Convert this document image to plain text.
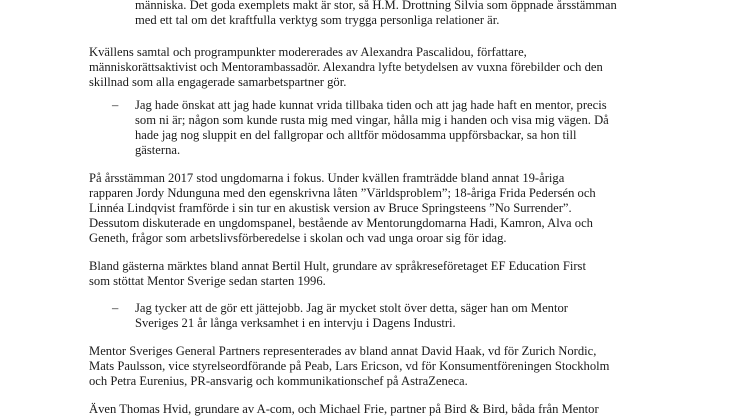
människa. Det goda exemplets makt är stor, så H.M. Drottning Silvia som öppnade årsstämman
med ett tal om det kraftfulla verktyg som trygga personliga relationer är.
Kvällens samtal och programpunkter modererades av Alexandra Pascalidou, författare,
människorättsaktivist och Mentorambassadör. Alexandra lyfte betydelsen av vuxna förebilder och den
skillnad som alla engagerade samarbetspartner gör.
– Jag hade önskat att jag hade kunnat vrida tillbaka tiden och att jag hade haft en mentor, precis
som ni är; någon som kunde rusta mig med vingar, hålla mig i handen och visa mig vägen. Då
hade jag nog sluppit en del fallgropar och alltför mödosamma uppförsbackar, sa hon till
gästerna.
På årsstämman 2017 stod ungdomarna i fokus. Under kvällen framträdde bland annat 19-åriga
rapparen Jordy Ndunguna med den egenskrivna låten ”Världsproblem”; 18-åriga Frida Pedersén och
Linnéa Lindqvist framförde i sin tur en akustisk version av Bruce Springsteens ”No Surrender”.
Dessutom diskuterade en ungdomspanel, bestående av Mentorungdomarna Hadi, Kamron, Alva och
Geneth, frågor som arbetslivsförberedelse i skolan och vad unga oroar sig för idag.
Bland gästerna märktes bland annat Bertil Hult, grundare av språkreseföretaget EF Education First
som stöttat Mentor Sverige sedan starten 1996.
– Jag tycker att de gör ett jättejobb. Jag är mycket stolt över detta, säger han om Mentor
Sveriges 21 år långa verksamhet i en intervju i Dagens Industri.
Mentor Sveriges General Partners representerades av bland annat David Haak, vd för Zurich Nordic,
Mats Paulsson, vice styrelseordförande på Peab, Lars Ericson, vd för Konsumentföreningen Stockholm
och Petra Eurenius, PR-ansvarig och kommunikationschef på AstraZeneca.
Även Thomas Hvid, grundare av A-com, och Michael Frie, partner på Bird & Bird, båda från Mentor
